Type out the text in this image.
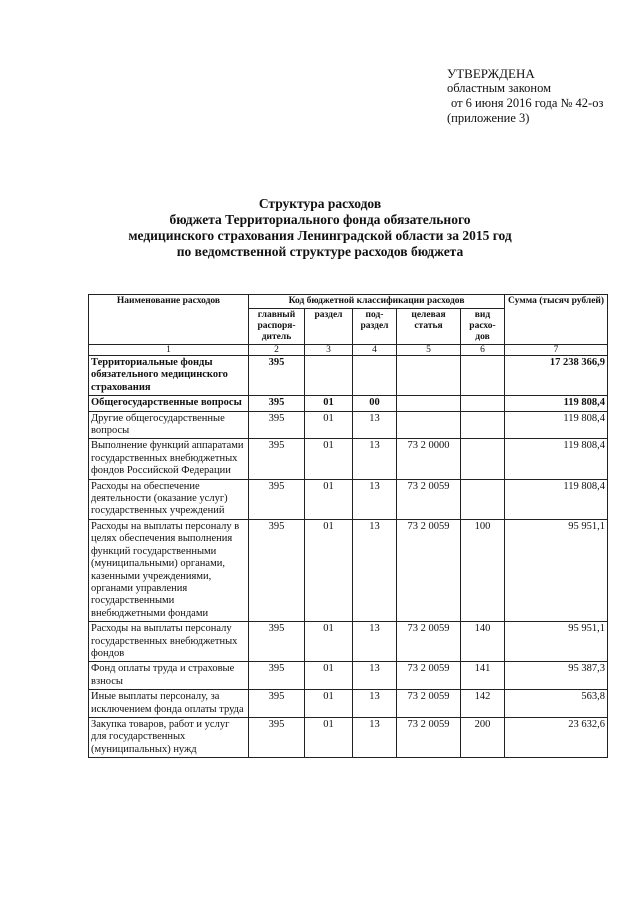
УТВЕРЖДЕНА
областным законом
от 6 июня 2016 года № 42-оз
(приложение 3)
Структура расходов
бюджета Территориального фонда обязательного
медицинского страхования Ленинградской области за 2015 год
по ведомственной структуре расходов бюджета
Наименование расходов	Код бюджетной классификации расходов					Сумма (тысяч рублей)
	главный распоря- дитель	раздел	под- раздел	целевая статья	вид расхо- дов	
1	2	3	4	5	6	7
Территориальные фонды обязательного медицинского страхования	395					17 238 366,9
Общегосударственные вопросы	395	01	00			119 808,4
Другие общегосударственные вопросы	395	01	13			119 808,4
Выполнение функций аппаратами государственных внебюджетных фондов Российской Федерации	395	01	13	73 2 0000		119 808,4
Расходы на обеспечение деятельности (оказание услуг) государственных учреждений	395	01	13	73 2 0059		119 808,4
Расходы на выплаты персоналу в целях обеспечения выполнения функций государственными (муниципальными) органами, казенными учреждениями, органами управления государственными внебюджетными фондами	395	01	13	73 2 0059	100	95 951,1
Расходы на выплаты персоналу государственных внебюджетных фондов	395	01	13	73 2 0059	140	95 951,1
Фонд оплаты труда и страховые взносы	395	01	13	73 2 0059	141	95 387,3
Иные выплаты персоналу, за исключением фонда оплаты труда	395	01	13	73 2 0059	142	563,8
Закупка товаров, работ и услуг для государственных (муниципальных) нужд	395	01	13	73 2 0059	200	23 632,6
